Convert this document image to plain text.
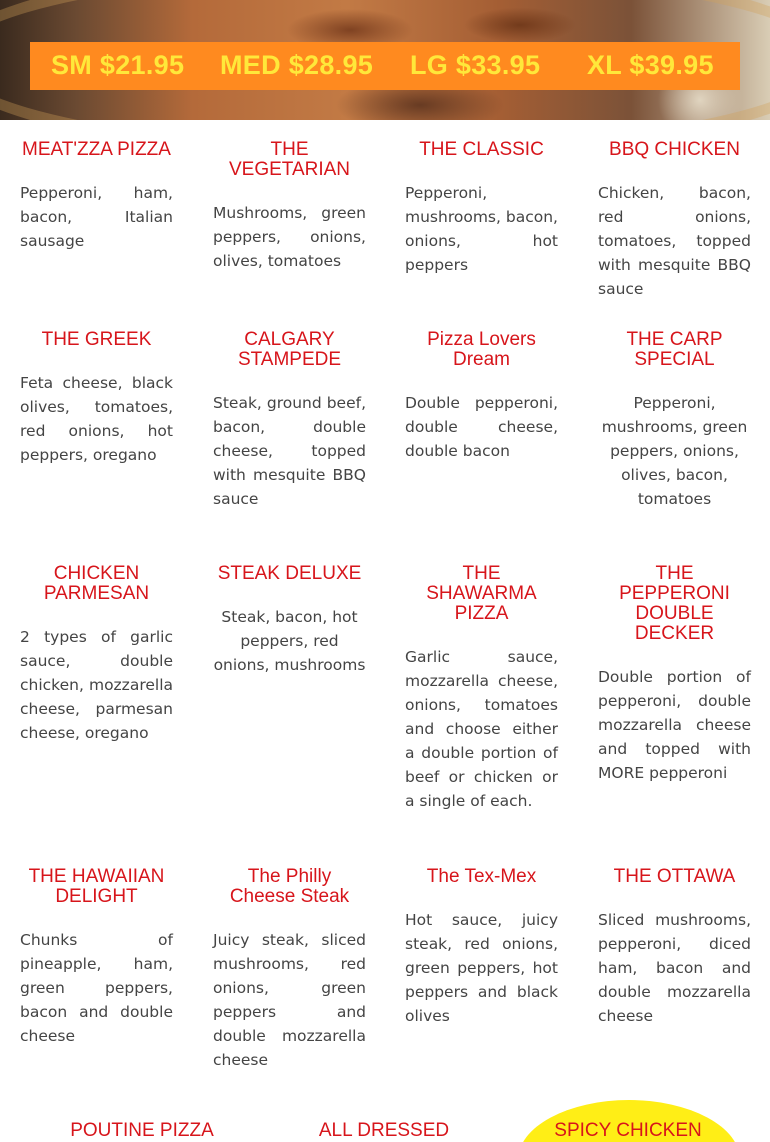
SM $21.95 MED $28.95 LG $33.95 XL $39.95
MEAT'ZZA PIZZA
Pepperoni, ham, bacon, Italian sausage
THE VEGETARIAN
Mushrooms, green peppers, onions, olives, tomatoes
THE CLASSIC
Pepperoni, mushrooms, bacon, onions, hot peppers
BBQ CHICKEN
Chicken, bacon, red onions, tomatoes, topped with mesquite BBQ sauce
THE GREEK
Feta cheese, black olives, tomatoes, red onions, hot peppers, oregano
CALGARY STAMPEDE
Steak, ground beef, bacon, double cheese, topped with mesquite BBQ sauce
Pizza Lovers Dream
Double pepperoni, double cheese, double bacon
THE CARP SPECIAL
Pepperoni, mushrooms, green peppers, onions, olives, bacon, tomatoes
CHICKEN PARMESAN
2 types of garlic sauce, double chicken, mozzarella cheese, parmesan cheese, oregano
STEAK DELUXE
Steak, bacon, hot peppers, red onions, mushrooms
THE SHAWARMA PIZZA
Garlic sauce, mozzarella cheese, onions, tomatoes and choose either a double portion of beef or chicken or a single of each.
THE PEPPERONI DOUBLE DECKER
Double portion of pepperoni, double mozzarella cheese and topped with MORE pepperoni
THE HAWAIIAN DELIGHT
Chunks of pineapple, ham, green peppers, bacon and double cheese
The Philly Cheese Steak
Juicy steak, sliced mushrooms, red onions, green peppers and double mozzarella cheese
The Tex-Mex
Hot sauce, juicy steak, red onions, green peppers, hot peppers and black olives
THE OTTAWA
Sliced mushrooms, pepperoni, diced ham, bacon and double mozzarella cheese
POUTINE PIZZA	ALL DRESSED	SPICY CHICKEN
